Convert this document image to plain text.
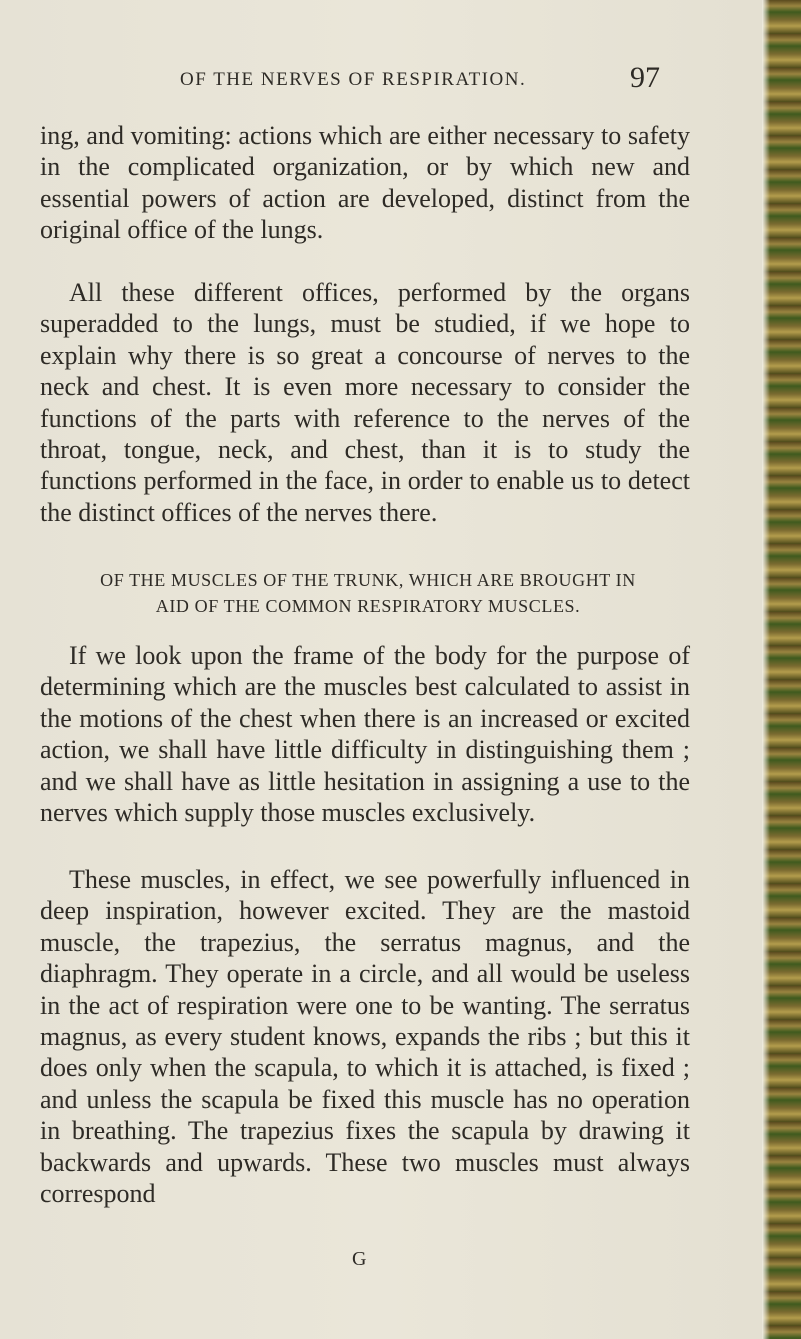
OF THE NERVES OF RESPIRATION.	97

ing, and vomiting: actions which are either necessary to safety in the complicated organization, or by which new and essential powers of action are developed, distinct from the original office of the lungs.

All these different offices, performed by the organs superadded to the lungs, must be studied, if we hope to explain why there is so great a concourse of nerves to the neck and chest. It is even more necessary to consider the functions of the parts with reference to the nerves of the throat, tongue, neck, and chest, than it is to study the functions performed in the face, in order to enable us to detect the distinct offices of the nerves there.

OF THE MUSCLES OF THE TRUNK, WHICH ARE BROUGHT IN
AID OF THE COMMON RESPIRATORY MUSCLES.

If we look upon the frame of the body for the purpose of determining which are the muscles best calculated to assist in the motions of the chest when there is an increased or excited action, we shall have little difficulty in distinguishing them ; and we shall have as little hesitation in assigning a use to the nerves which supply those muscles exclusively.

These muscles, in effect, we see powerfully influenced in deep inspiration, however excited. They are the mastoid muscle, the trapezius, the serratus magnus, and the diaphragm. They operate in a circle, and all would be useless in the act of respiration were one to be wanting. The serratus magnus, as every student knows, expands the ribs ; but this it does only when the scapula, to which it is attached, is fixed ; and unless the scapula be fixed this muscle has no operation in breathing. The trapezius fixes the scapula by drawing it backwards and upwards. These two muscles must always correspond

G
